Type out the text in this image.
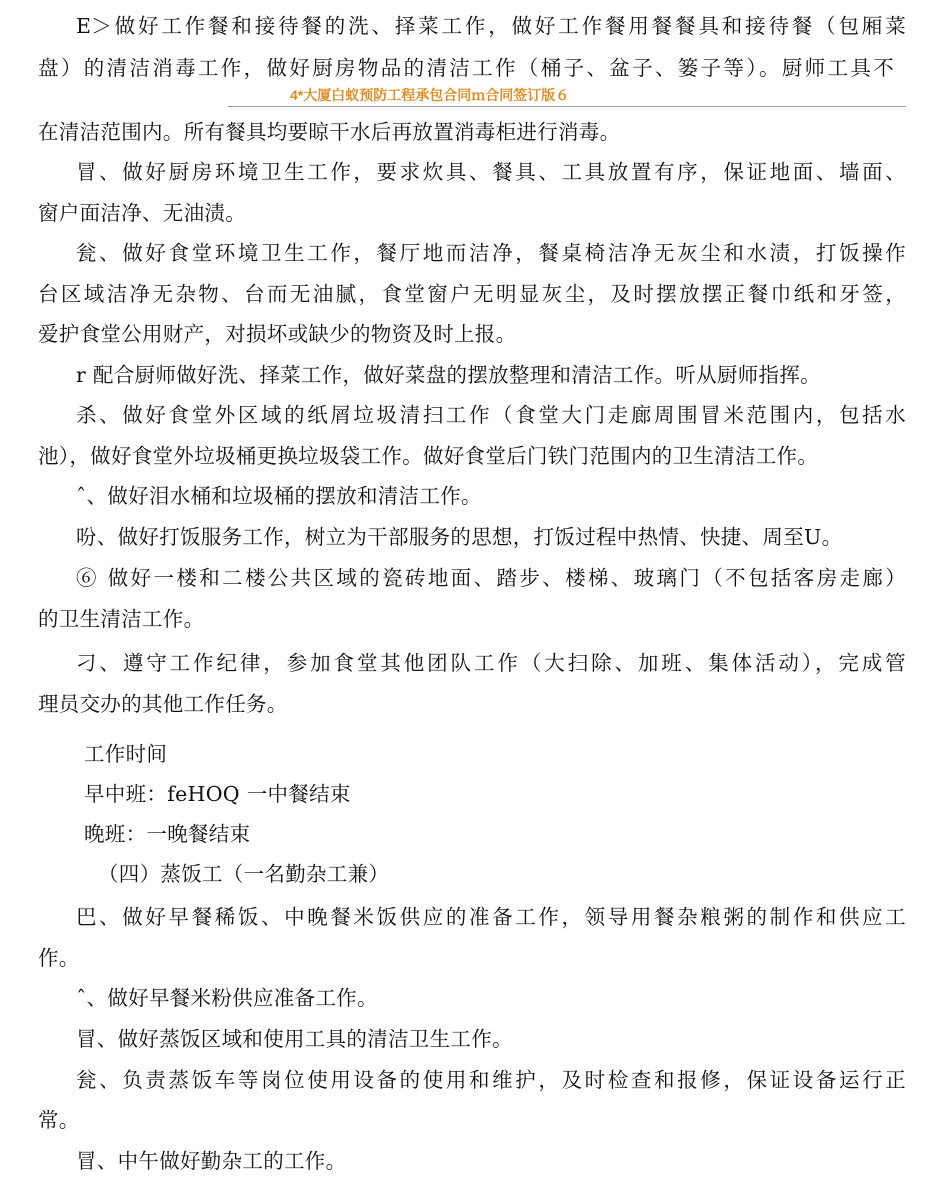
4*大厦白蚁预防工程承包合同ｍ合同签订版６
E＞做好工作餐和接待餐的洗、择菜工作，做好工作餐用餐餐具和接待餐（包厢菜
盘）的清洁消毒工作，做好厨房物品的清洁工作（桶子、盆子、篓子等）。厨师工具不
在清洁范围内。所有餐具均要晾干水后再放置消毒柜进行消毒。
冒、做好厨房环境卫生工作，要求炊具、餐具、工具放置有序，保证地面、墙面、
窗户面洁净、无油渍。
瓮、做好食堂环境卫生工作，餐厅地而洁净，餐桌椅洁净无灰尘和水渍，打饭操作
台区域洁净无杂物、台而无油腻，食堂窗户无明显灰尘，及时摆放摆正餐巾纸和牙签，
爱护食堂公用财产，对损坏或缺少的物资及时上报。
r 配合厨师做好洗、择菜工作，做好菜盘的摆放整理和清洁工作。听从厨师指挥。
杀、做好食堂外区域的纸屑垃圾清扫工作（食堂大门走廊周围冒米范围内，包括水
池），做好食堂外垃圾桶更换垃圾袋工作。做好食堂后门铁门范围内的卫生清洁工作。
ˆ、做好泪水桶和垃圾桶的摆放和清洁工作。
吩、做好打饭服务工作，树立为干部服务的思想，打饭过程中热情、快捷、周至U。
⑥ 做好一楼和二楼公共区域的瓷砖地面、踏步、楼梯、玻璃门（不包括客房走廊）
的卫生清洁工作。
刁、遵守工作纪律，参加食堂其他团队工作（大扫除、加班、集体活动），完成管
理员交办的其他工作任务。
工作时间
早中班：feHOQ 一中餐结束
晚班：一晚餐结束
（四）蒸饭工（一名勤杂工兼）
巴、做好早餐稀饭、中晚餐米饭供应的准备工作，领导用餐杂粮粥的制作和供应工
作。
ˆ、做好早餐米粉供应准备工作。
冒、做好蒸饭区域和使用工具的清洁卫生工作。
瓮、负责蒸饭车等岗位使用设备的使用和维护，及时检查和报修，保证设备运行正
常。
冒、中午做好勤杂工的工作。
